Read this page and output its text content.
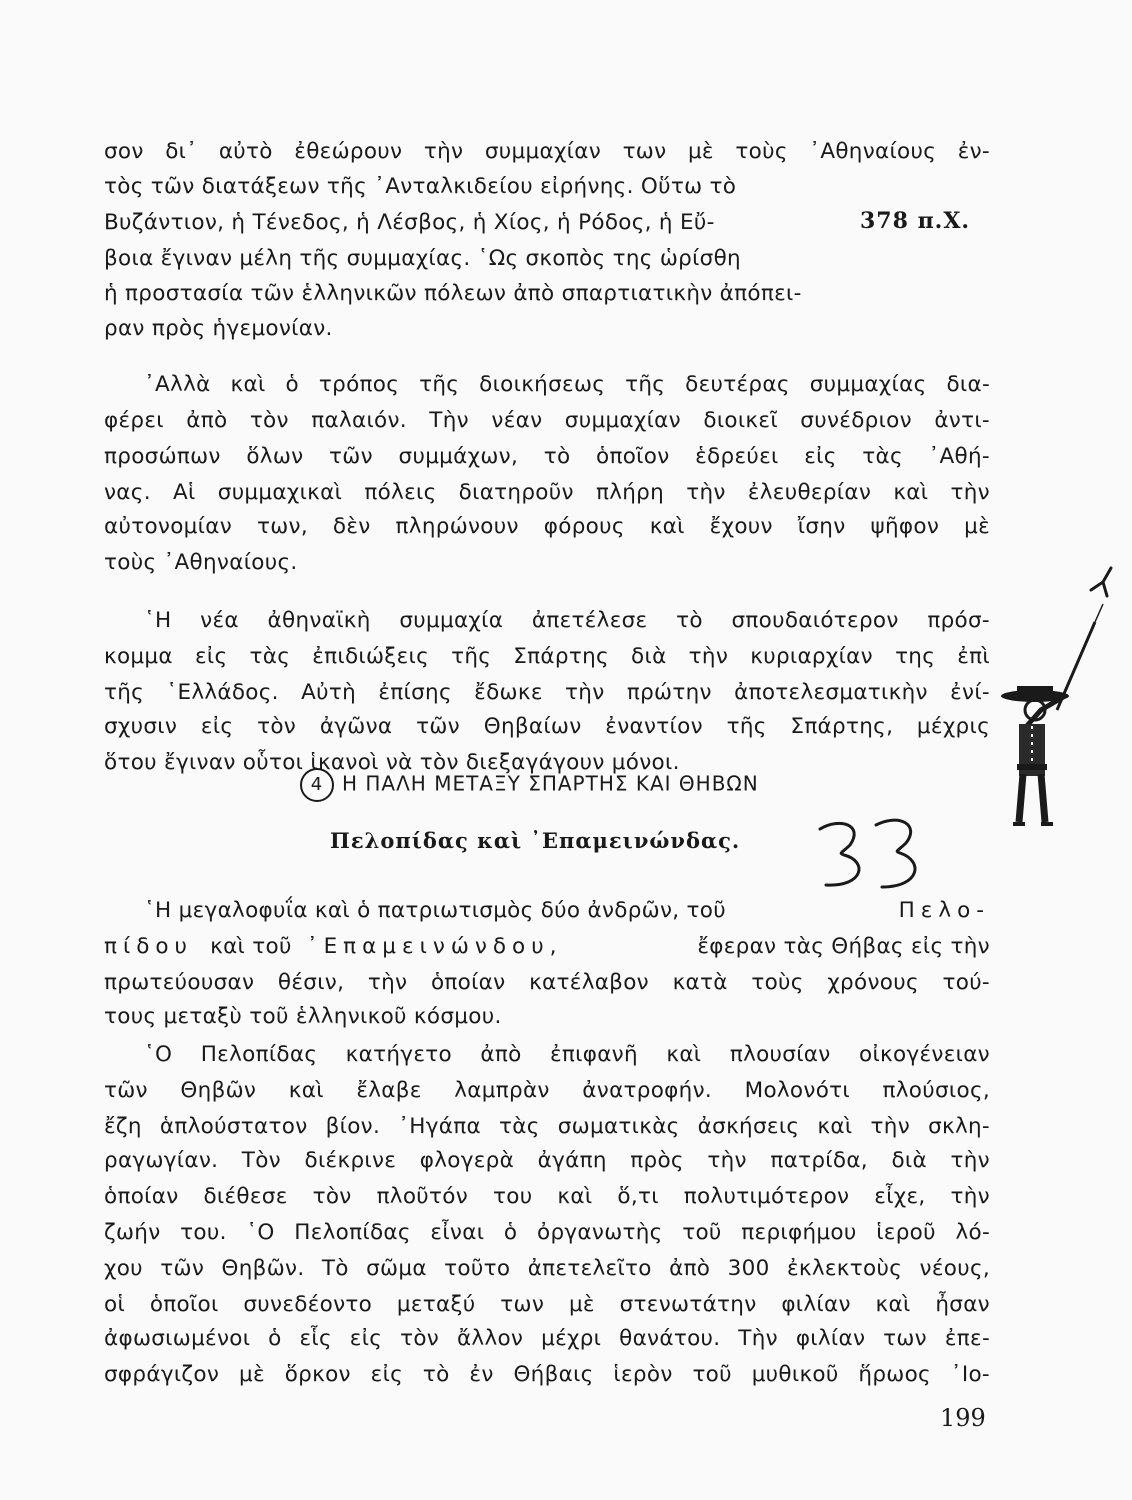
σον δι᾿ αὐτὸ ἐθεώρουν τὴν συμμαχίαν των μὲ τοὺς ᾿Αθηναίους ἐν-
τὸς τῶν διατάξεων τῆς ᾿Ανταλκιδείου εἰρήνης. Οὕτω τὸ
Βυζάντιον, ἡ Τένεδος, ἡ Λέσβος, ἡ Χίος, ἡ Ρόδος, ἡ Εὔ-
βοια ἔγιναν μέλη τῆς συμμαχίας. ῾Ως σκοπὸς της ὡρίσθη
ἡ προστασία τῶν ἑλληνικῶν πόλεων ἀπὸ σπαρτιατικὴν ἀπόπει-
ραν πρὸς ἡγεμονίαν.
378 π.Χ.
᾿Αλλὰ καὶ ὁ τρόπος τῆς διοικήσεως τῆς δευτέρας συμμαχίας δια-
φέρει ἀπὸ τὸν παλαιόν. Τὴν νέαν συμμαχίαν διοικεῖ συνέδριον ἀντι-
προσώπων ὅλων τῶν συμμάχων, τὸ ὁποῖον ἑδρεύει εἰς τὰς ᾿Αθή-
νας. Αἱ συμμαχικαὶ πόλεις διατηροῦν πλήρη τὴν ἐλευθερίαν καὶ τὴν
αὐτονομίαν των, δὲν πληρώνουν φόρους καὶ ἔχουν ἴσην ψῆφον μὲ
τοὺς ᾿Αθηναίους.
῾Η νέα ἀθηναϊκὴ συμμαχία ἀπετέλεσε τὸ σπουδαιότερον πρόσ-
κομμα εἰς τὰς ἐπιδιώξεις τῆς Σπάρτης διὰ τὴν κυριαρχίαν της ἐπὶ
τῆς ῾Ελλάδος. Αὐτὴ ἐπίσης ἔδωκε τὴν πρώτην ἀποτελεσματικὴν ἐνί-
σχυσιν εἰς τὸν ἀγῶνα τῶν Θηβαίων ἐναντίον τῆς Σπάρτης, μέχρις
ὅτου ἔγιναν οὗτοι ἱκανοὶ νὰ τὸν διεξαγάγουν μόνοι.
4 Η ΠΑΛΗ ΜΕΤΑΞΥ ΣΠΑΡΤΗΣ ΚΑΙ ΘΗΒΩΝ
Πελοπίδας καὶ ᾿Επαμεινώνδας.
῾Η μεγαλοφυΐα καὶ ὁ πατριωτισμὸς δύο ἀνδρῶν, τοῦ	Πελο-
πίδου καὶ τοῦ ᾿Επαμεινώνδου,	ἔφεραν τὰς Θήβας εἰς τὴν
πρωτεύουσαν θέσιν, τὴν ὁποίαν κατέλαβον κατὰ τοὺς χρόνους τού-
τους μεταξὺ τοῦ ἑλληνικοῦ κόσμου.
῾Ο Πελοπίδας κατήγετο ἀπὸ ἐπιφανῆ καὶ πλουσίαν οἰκογένειαν
τῶν Θηβῶν καὶ ἔλαβε λαμπρὰν ἀνατροφήν. Μολονότι πλούσιος,
ἔζη ἁπλούστατον βίον. ᾿Ηγάπα τὰς σωματικὰς ἀσκήσεις καὶ τὴν σκλη-
ραγωγίαν. Τὸν διέκρινε φλογερὰ ἀγάπη πρὸς τὴν πατρίδα, διὰ τὴν
ὁποίαν διέθεσε τὸν πλοῦτόν του καὶ ὅ,τι πολυτιμότερον εἶχε, τὴν
ζωήν του. ῾Ο Πελοπίδας εἶναι ὁ ὀργανωτὴς τοῦ περιφήμου ἱεροῦ λό-
χου τῶν Θηβῶν. Τὸ σῶμα τοῦτο ἀπετελεῖτο ἀπὸ 300 ἐκλεκτοὺς νέους,
οἱ ὁποῖοι συνεδέοντο μεταξύ των μὲ στενωτάτην φιλίαν καὶ ἦσαν
ἀφωσιωμένοι ὁ εἷς εἰς τὸν ἄλλον μέχρι θανάτου. Τὴν φιλίαν των ἐπε-
σφράγιζον μὲ ὅρκον εἰς τὸ ἐν Θήβαις ἱερὸν τοῦ μυθικοῦ ἥρωος ᾿Ιο-
199
